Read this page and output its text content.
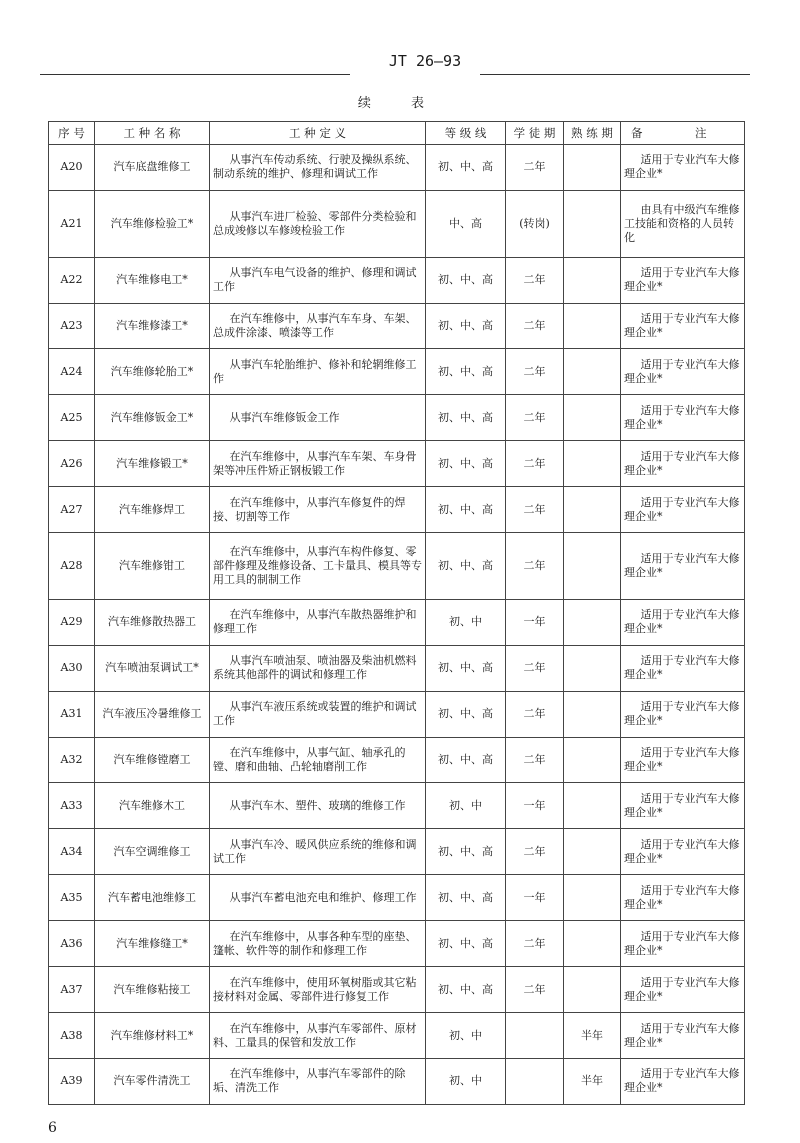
JT 26—93
续 表
序 号	工 种 名 称	工 种 定 义	等 级 线	学 徒 期	熟 练 期	备 注
A20	汽车底盘维修工	从事汽车传动系统、行驶及操纵系统、制动系统的维护、修理和调试工作	初、中、高	二年		适用于专业汽车大修理企业*
A21	汽车维修检验工*	从事汽车进厂检验、零部件分类检验和总成竣修以车修竣检验工作	中、高	(转岗)		由具有中级汽车维修工技能和资格的人员转化
A22	汽车维修电工*	从事汽车电气设备的维护、修理和调试工作	初、中、高	二年		适用于专业汽车大修理企业*
A23	汽车维修漆工*	在汽车维修中，从事汽车车身、车架、总成件涂漆、喷漆等工作	初、中、高	二年		适用于专业汽车大修理企业*
A24	汽车维修轮胎工*	从事汽车轮胎维护、修补和轮辋维修工作	初、中、高	二年		适用于专业汽车大修理企业*
A25	汽车维修钣金工*	从事汽车维修钣金工作	初、中、高	二年		适用于专业汽车大修理企业*
A26	汽车维修锻工*	在汽车维修中，从事汽车车架、车身骨架等冲压件矫正钢板锻工作	初、中、高	二年		适用于专业汽车大修理企业*
A27	汽车维修焊工	在汽车维修中，从事汽车修复件的焊接、切割等工作	初、中、高	二年		适用于专业汽车大修理企业*
A28	汽车维修钳工	在汽车维修中，从事汽车构件修复、零部件修理及维修设备、工卡量具、模具等专用工具的制制工作	初、中、高	二年		适用于专业汽车大修理企业*
A29	汽车维修散热器工	在汽车维修中，从事汽车散热器维护和修理工作	初、中	一年		适用于专业汽车大修理企业*
A30	汽车喷油泵调试工*	从事汽车喷油泵、喷油器及柴油机燃料系统其他部件的调试和修理工作	初、中、高	二年		适用于专业汽车大修理企业*
A31	汽车液压冷暑维修工	从事汽车液压系统或装置的维护和调试工作	初、中、高	二年		适用于专业汽车大修理企业*
A32	汽车维修镗磨工	在汽车维修中，从事气缸、轴承孔的镗、磨和曲轴、凸轮轴磨削工作	初、中、高	二年		适用于专业汽车大修理企业*
A33	汽车维修木工	从事汽车木、塑件、玻璃的维修工作	初、中	一年		适用于专业汽车大修理企业*
A34	汽车空调维修工	从事汽车冷、暖风供应系统的维修和调试工作	初、中、高	二年		适用于专业汽车大修理企业*
A35	汽车蓄电池维修工	从事汽车蓄电池充电和维护、修理工作	初、中、高	一年		适用于专业汽车大修理企业*
A36	汽车维修缝工*	在汽车维修中，从事各种车型的座垫、篷帐、软件等的制作和修理工作	初、中、高	二年		适用于专业汽车大修理企业*
A37	汽车维修粘接工	在汽车维修中，使用环氧树脂或其它粘接材料对金属、零部件进行修复工作	初、中、高	二年		适用于专业汽车大修理企业*
A38	汽车维修材料工*	在汽车维修中，从事汽车零部件、原材料、工量具的保管和发放工作	初、中		半年	适用于专业汽车大修理企业*
A39	汽车零件清洗工	在汽车维修中，从事汽车零部件的除垢、清洗工作	初、中		半年	适用于专业汽车大修理企业*
6
